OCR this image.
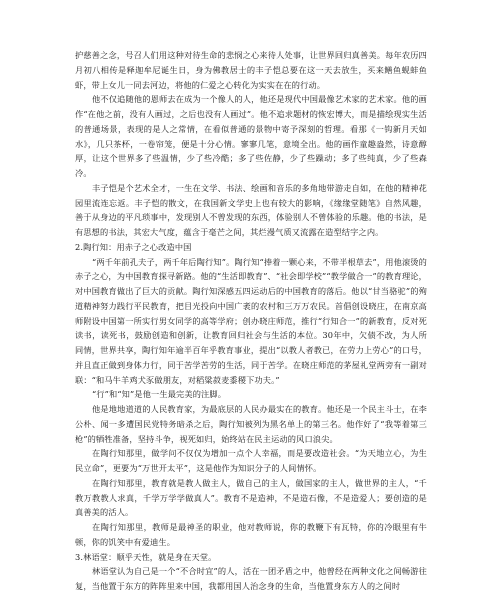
护慈善之念，号召人们用这种对待生命的悲悯之心来待人处事，让世界回归真善美。每年农历四月初八相传是释迦牟尼诞生日，身为佛教居士的丰子恺总要在这一天去放生，买来鳝鱼蚬蚌鱼虾，带上女儿一同去河边，将他的仁爱之心转化为实实在在的行动。

他不仅追随他的恩师去在成为一个像人的人，他还是现代中国最像艺术家的艺术家。他的画作“在他之前，没有人画过，之后也没有人画过”。他不追求题材的恢宏博大，而是描绘现实生活的普通场景，表现的是人之常情，在看似普通的景物中寄予深刻的哲理。看那《一钩新月天如水》，几只茶杯，一卷帘笼，便是十分心情。寥寥几笔，意境全出。他的画作童趣盎然，诗意醇厚，让这个世界多了些温情，少了些冷酷；多了些佐静，少了些躁动；多了些纯真，少了些森冷。

丰子恺是个艺术全才，一生在文学、书法、绘画和音乐的多角地带游走自如，在他的精神花园里流连忘返。丰子恺的散文，在我国新文学史上也有较大的影响，《缘缘堂随笔》自然风趣，善于从身边的平凡琐事中，发现别人不曾发现的东西，体验别人不曾体验的乐趣。他的书法，是有思想的书法，其宏大气度，蕴含于毫芒之间，其烂漫气质又流露在造型结字之内。

2.陶行知：用赤子之心改造中国

“两千年前孔夫子，两千年后陶行知”。陶行知“捧着一颗心来，不带半根草去”，用他滚烫的赤子之心，为中国教育探寻新路。他的“生活即教育”、“社会即学校”“教学做合一”的教育理论，对中国教育做出了巨大的贡献。陶行知深感五四运动后的中国教育的落后。他以“甘当骆驼”的殉道精神努力践行平民教育，把目光投向中国广袤的农村和三万万农民。首倡创设晓庄，在南京高师附设中国第一所实行男女同学的高等学府；创办晓庄师范，推行“行知合一”的新教育，反对死读书，读死书，鼓励创造和创新，让教育回归社会与生活的本位。30年中，欠债不改，为人所同情，世界共享，陶行知年逾半百年乎教育事业，提出“以教人者教已，在劳力上劳心”的口号，并且直正做到身体力行，同于苦学苦劳的生活，同于苦学。在晓庄师范的茅屋礼堂两旁有一副对联：“和马牛羊鸡犬豕做朋友，对稻粱菽麦黍稷下功夫。”

“行”和“知”是他一生最完美的注脚。

他是地地道道的人民教育家，为最底层的人民办最实在的教育。他还是一个民主斗士，在李公朴、闻一多遭国民党特务暗杀之后，陶行知被列为黑名单上的第三名。他作好了“我等着第三枪”的牺牲准备，坚持斗争，视死如归，始终站在民主运动的风口浪尖。

在陶行知那里，做学问不仅仅为增加一点个人幸福，而是要改造社会。“为天地立心，为生民立命”，更要为“万世开太平”，这是他作为知识分子的人间情怀。

在陶行知那里，教育就是教人做主人，做自己的主人，做国家的主人，做世界的主人，“千教万教教人求真，千学万学学做真人”。教育不是造神，不是造石像，不是造爱人；要创造的是真善美的活人。

在陶行知那里，教师是最神圣的职业，他对教师说，你的教鞭下有瓦特，你的冷眼里有牛顿，你的饥笑中有爱迪生。

3.林语堂：顺乎天性，就是身在天堂。

林语堂认为自己是一个“不合时宜”的人，活在一团矛盾之中，他曾经在两种文化之间畅游往复，当他置于东方的阵阵里来中国，我都用国人治念身的生命，当他置身东方人的之间时
